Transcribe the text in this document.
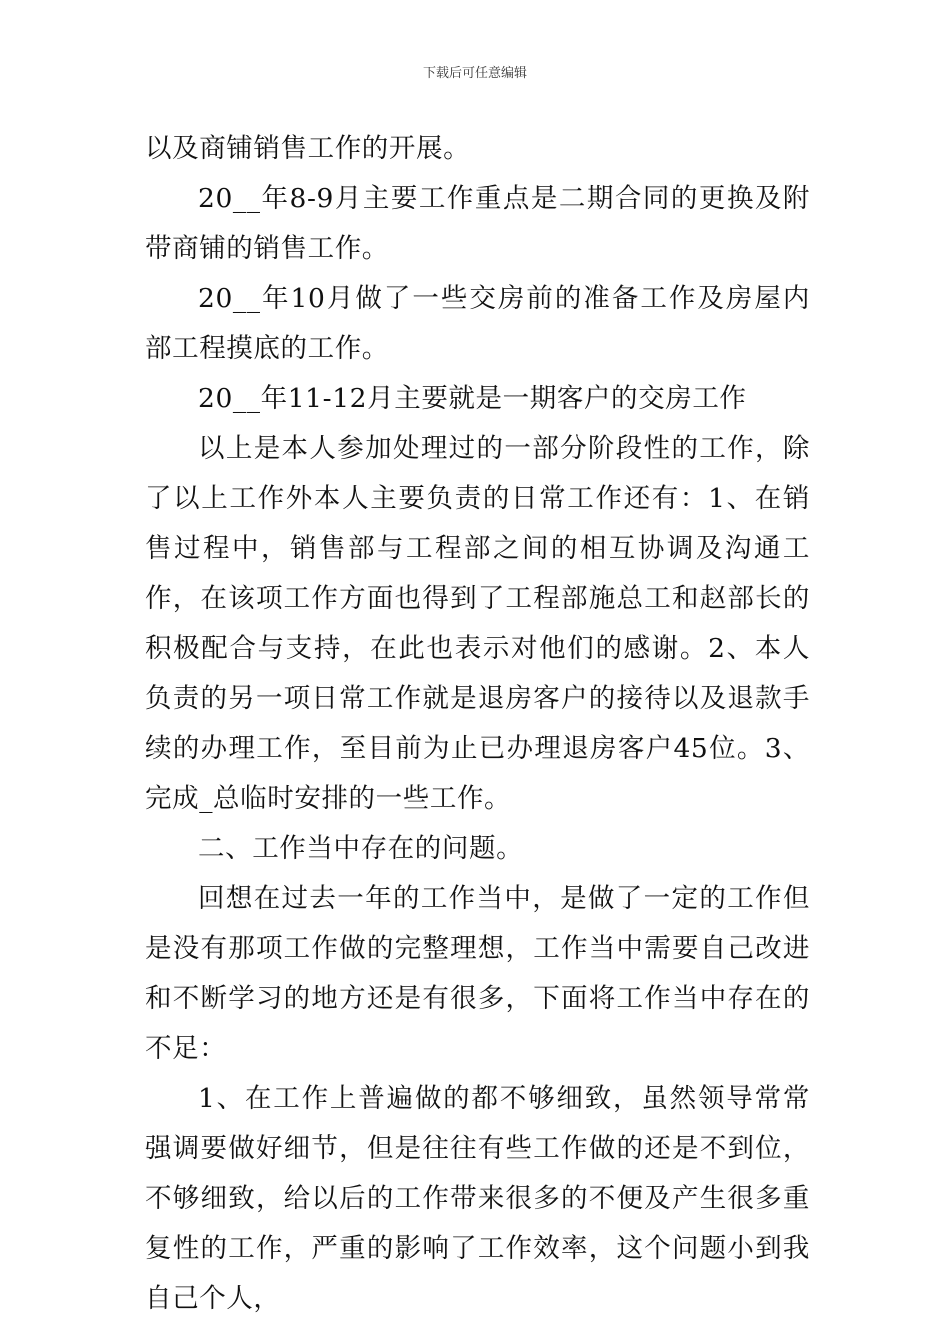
下载后可任意编辑

以及商铺销售工作的开展。

20__年8-9月主要工作重点是二期合同的更换及附带商铺的销售工作。

20__年10月做了一些交房前的准备工作及房屋内部工程摸底的工作。

20__年11-12月主要就是一期客户的交房工作

以上是本人参加处理过的一部分阶段性的工作，除了以上工作外本人主要负责的日常工作还有：1、在销售过程中，销售部与工程部之间的相互协调及沟通工作，在该项工作方面也得到了工程部施总工和赵部长的积极配合与支持，在此也表示对他们的感谢。2、本人负责的另一项日常工作就是退房客户的接待以及退款手续的办理工作，至目前为止已办理退房客户45位。3、完成_总临时安排的一些工作。

二、工作当中存在的问题。

回想在过去一年的工作当中，是做了一定的工作但是没有那项工作做的完整理想，工作当中需要自己改进和不断学习的地方还是有很多，下面将工作当中存在的不足：

1、在工作上普遍做的都不够细致，虽然领导常常强调要做好细节，但是往往有些工作做的还是不到位，不够细致，给以后的工作带来很多的不便及产生很多重复性的工作，严重的影响了工作效率，这个问题小到我自己个人，
